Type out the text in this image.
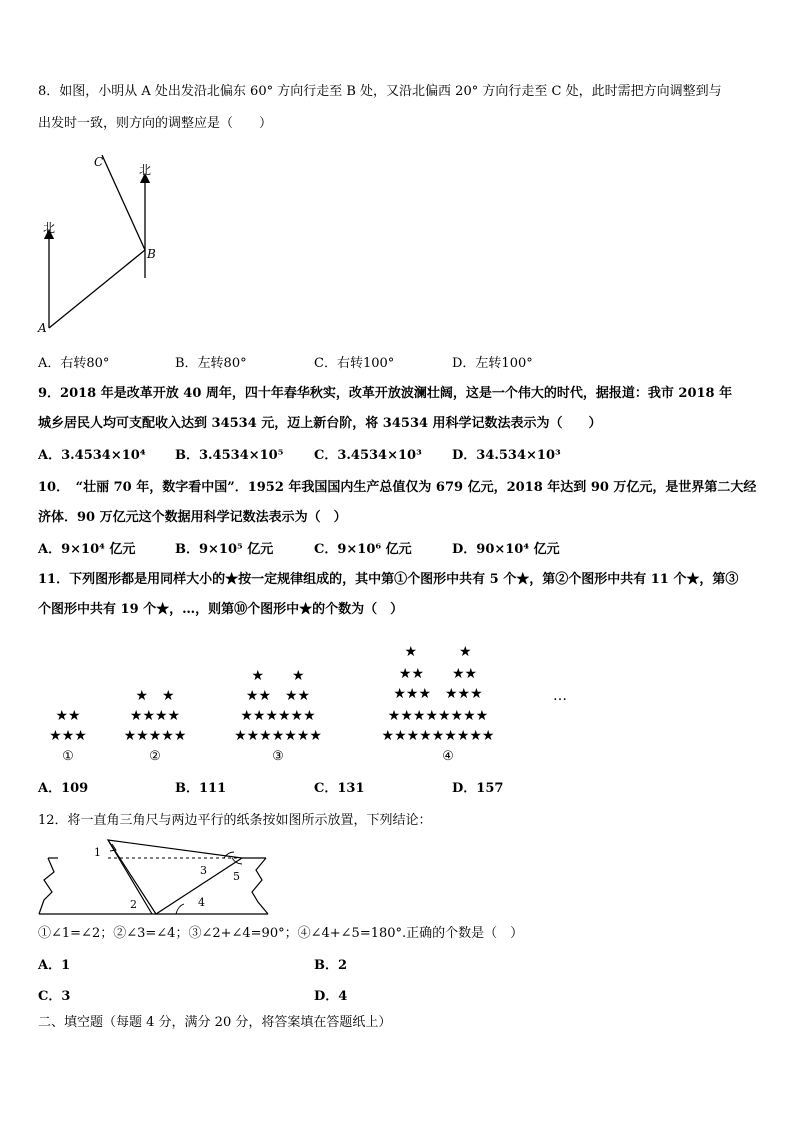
8．如图，小明从 A 处出发沿北偏东 60° 方向行走至 B 处，又沿北偏西 20° 方向行走至 C 处，此时需把方向调整到与
出发时一致，则方向的调整应是（　　）
北
北
A
B
C
A．右转80°	B．左转80°	C．右转100°	D．左转100°
9．2018 年是改革开放 40 周年，四十年春华秋实，改革开放波澜壮阔，这是一个伟大的时代，据报道：我市 2018 年
城乡居民人均可支配收入达到 34534 元，迈上新台阶，将 34534 用科学记数法表示为（　　）
A．3.4534×10⁴ B．3.4534×10⁵ C．3.4534×10³ D．34.534×10³
10．　“壮丽 70 年，数字看中国”．1952 年我国国内生产总值仅为 679 亿元，2018 年达到 90 万亿元，是世界第二大经
济体．90 万亿元这个数据用科学记数法表示为（　）
A．9×10⁴ 亿元	B．9×10⁵ 亿元	C．9×10⁶ 亿元	D．90×10⁴ 亿元
11．下列图形都是用同样大小的★按一定规律组成的，其中第①个图形中共有 5 个★，第②个图形中共有 11 个★，第③
个图形中共有 19 个★，…，则第⑩个图形中★的个数为（　）
★★
★★★
①
★　★
★★★★
★★★★★
②
★　　★
★★　★★
★★★★★★
★★★★★★★
③
★　　　★
★★　　★★
★★★　★★★
★★★★★★★★
★★★★★★★★★
④
…
A．109	B．111	C．131	D．157
12．将一直角三角尺与两边平行的纸条按如图所示放置，下列结论：
1
2
3
4
5
①∠1=∠2；②∠3=∠4；③∠2+∠4=90°；④∠4+∠5=180°.正确的个数是（　）
A．1	B．2
C．3	D．4
二、填空题（每题 4 分，满分 20 分，将答案填在答题纸上）
